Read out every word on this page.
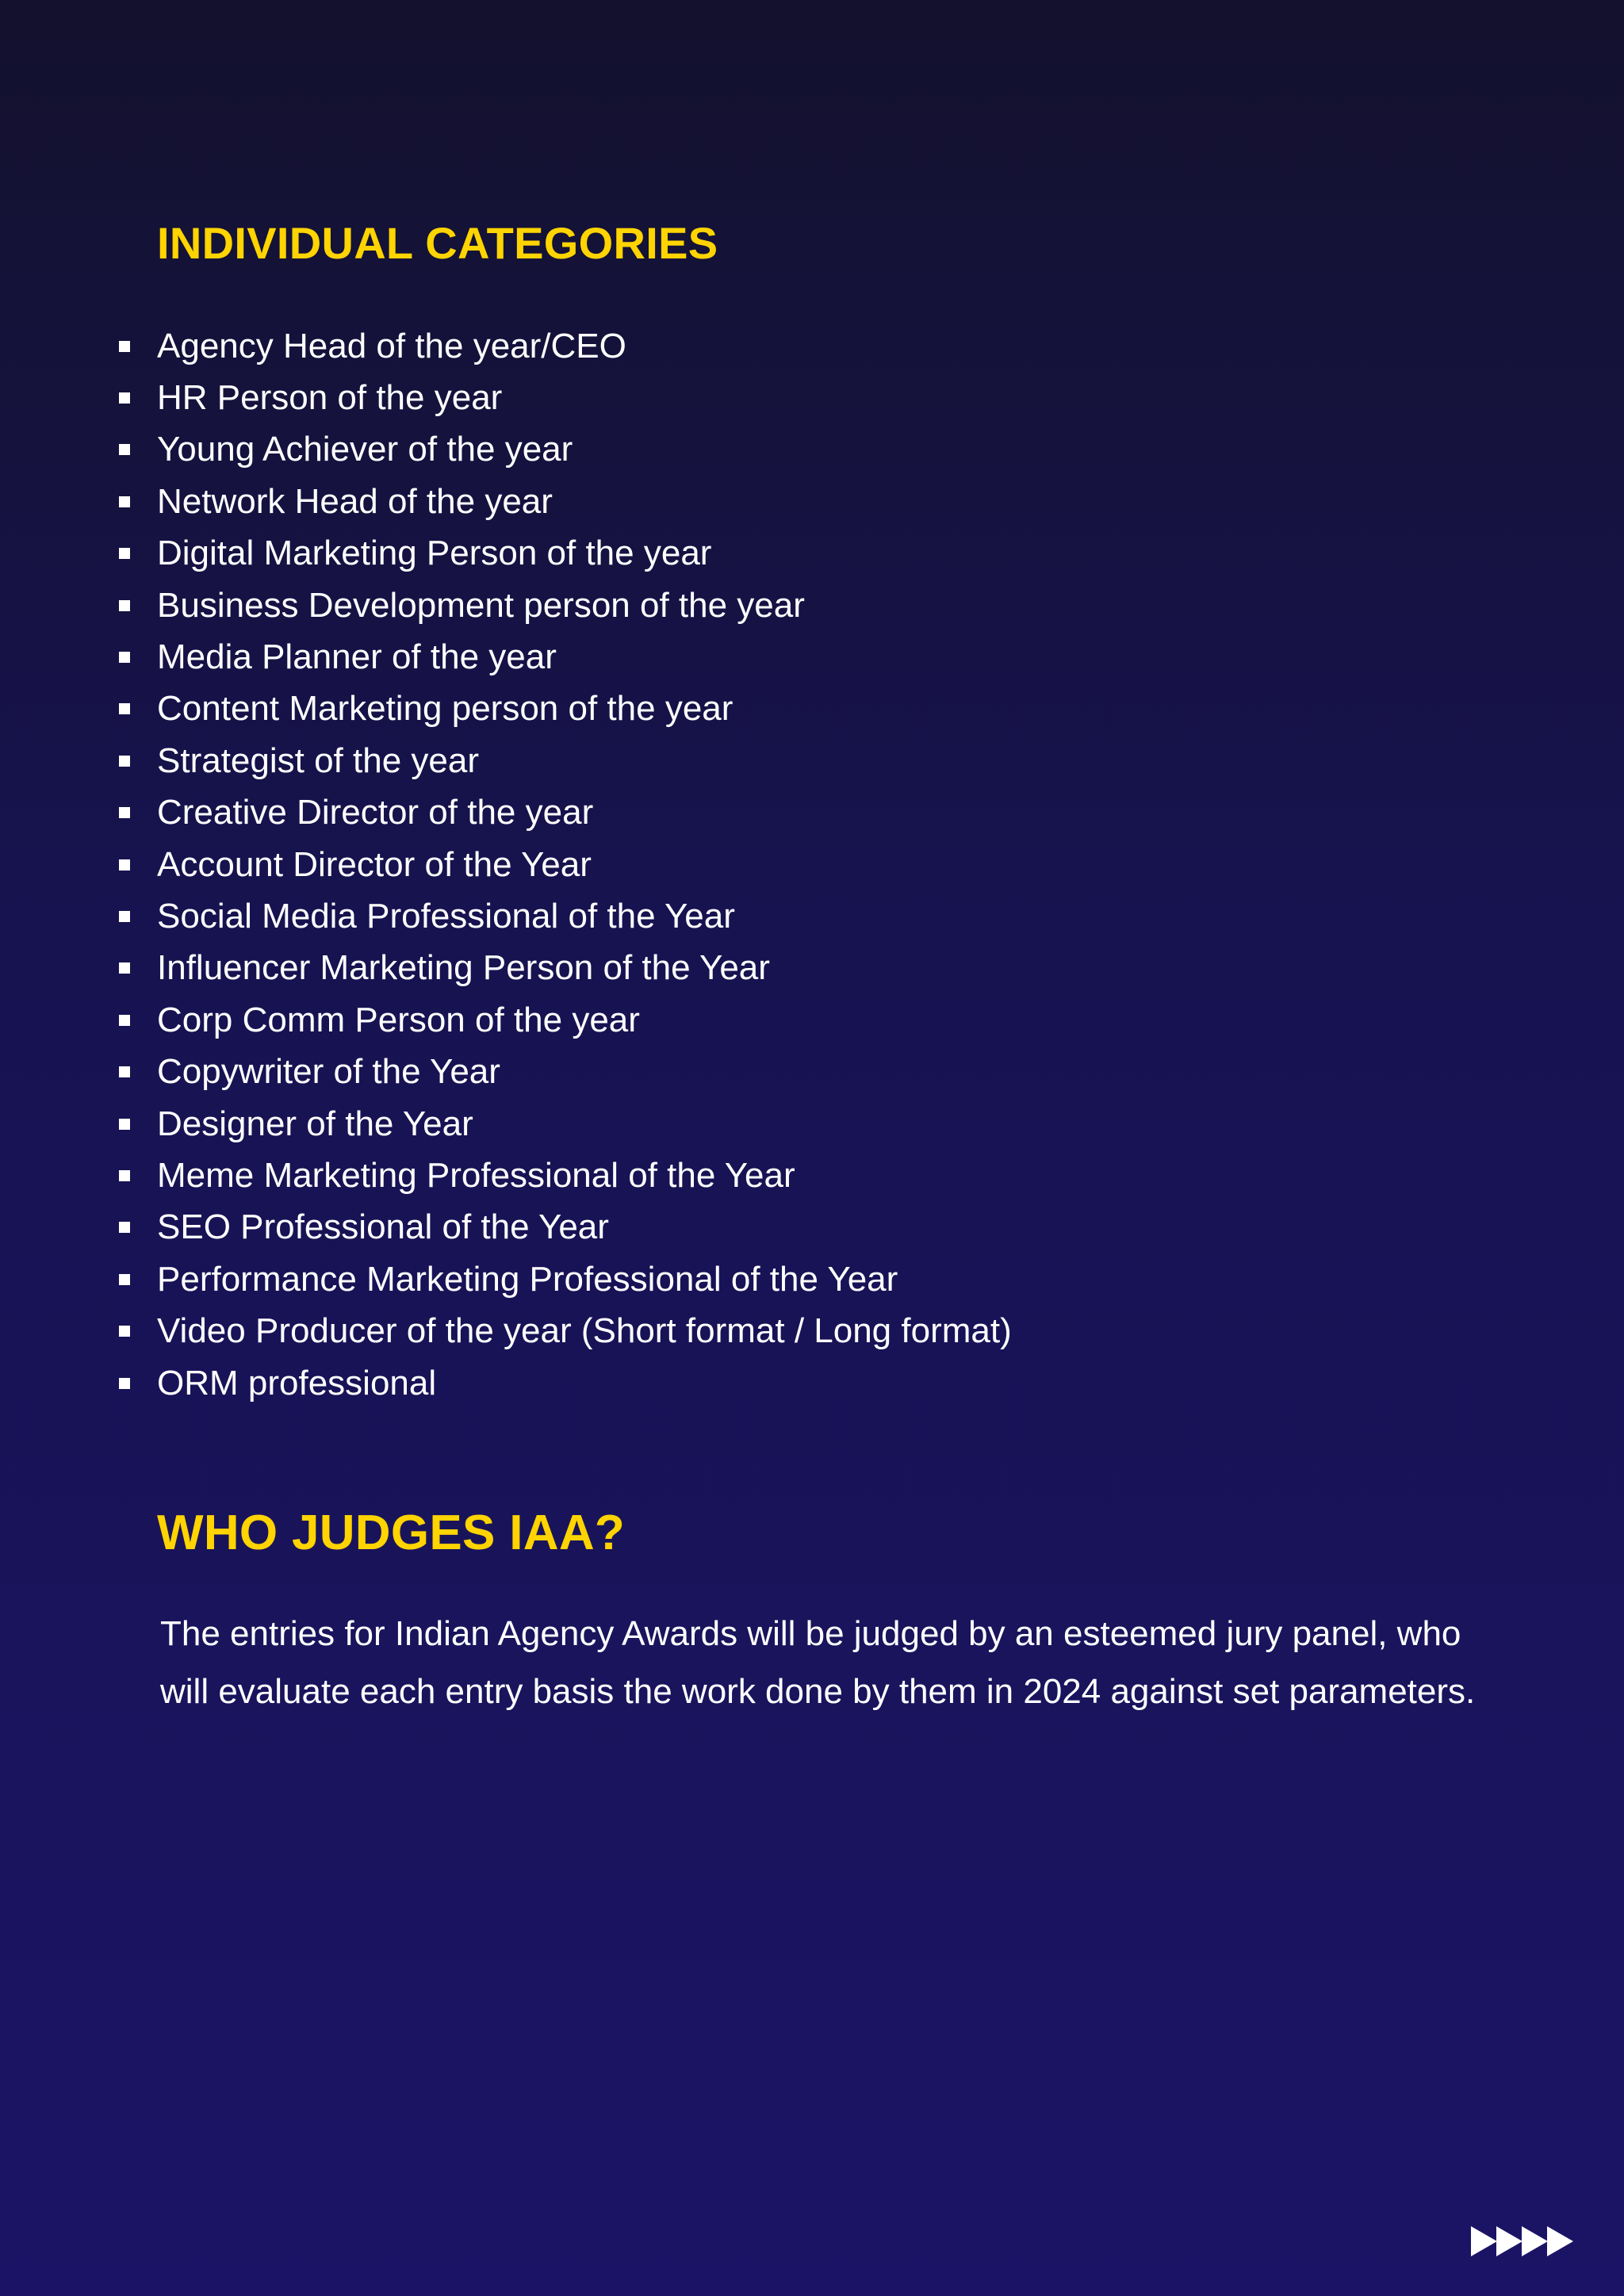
INDIVIDUAL CATEGORIES
Agency Head of the year/CEO
HR Person of the year
Young Achiever of the year
Network Head of the year
Digital Marketing Person of the year
Business Development person of the year
Media Planner of the year
Content Marketing person of the year
Strategist of the year
Creative Director of the year
Account Director of the Year
Social Media Professional of the Year
Influencer Marketing Person of the Year
Corp Comm Person of the year
Copywriter of the Year
Designer of the Year
Meme Marketing Professional of the Year
SEO Professional of the Year
Performance Marketing Professional of the Year
Video Producer of the year (Short format / Long format)
ORM professional
WHO JUDGES IAA?

The entries for Indian Agency Awards will be judged by an esteemed jury panel, who will evaluate each entry basis the work done by them in 2024 against set parameters.
